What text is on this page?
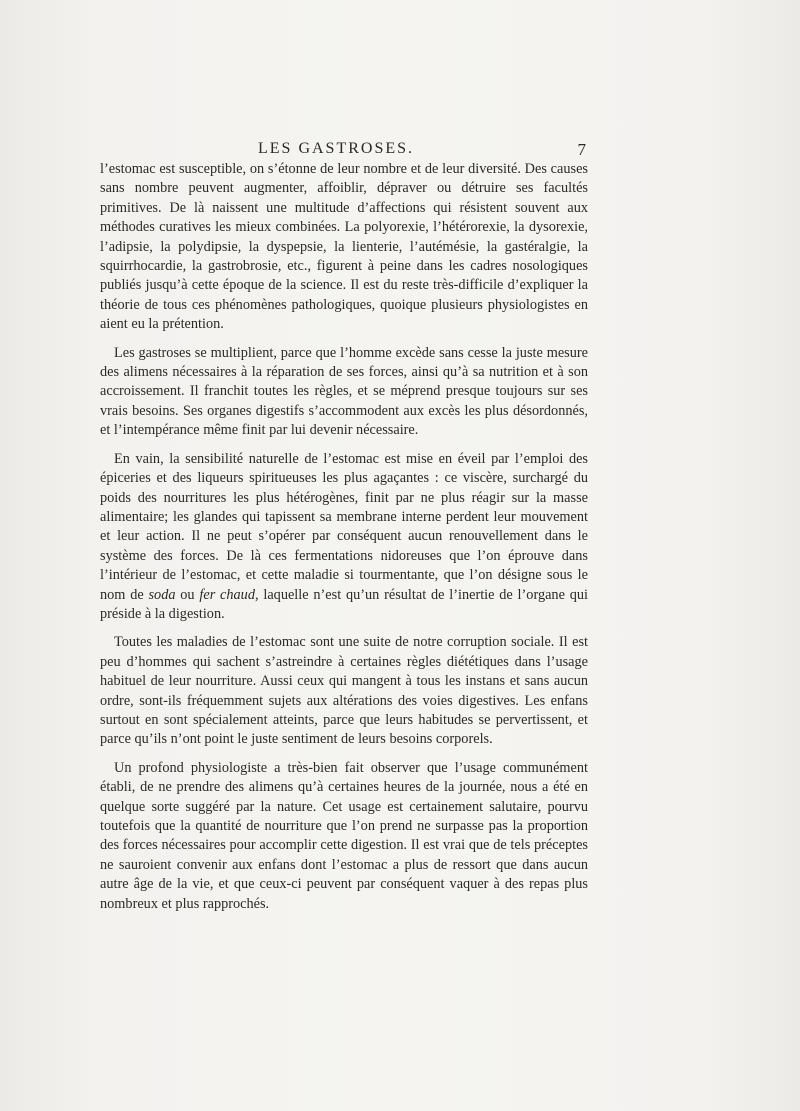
LES GASTROSES.	7

l’estomac est susceptible, on s’étonne de leur nombre et de leur diversité. Des causes sans nombre peuvent augmenter, affoiblir, dépraver ou détruire ses facultés primitives. De là naissent une multitude d’affections qui résistent souvent aux méthodes curatives les mieux combinées. La polyorexie, l’hétérorexie, la dysorexie, l’adipsie, la polydipsie, la dyspepsie, la lienterie, l’autémésie, la gastéralgie, la squirrhocardie, la gastrobrosie, etc., figurent à peine dans les cadres nosologiques publiés jusqu’à cette époque de la science. Il est du reste très-difficile d’expliquer la théorie de tous ces phénomènes pathologiques, quoique plusieurs physiologistes en aient eu la prétention.

Les gastroses se multiplient, parce que l’homme excède sans cesse la juste mesure des alimens nécessaires à la réparation de ses forces, ainsi qu’à sa nutrition et à son accroissement. Il franchit toutes les règles, et se méprend presque toujours sur ses vrais besoins. Ses organes digestifs s’accommodent aux excès les plus désordonnés, et l’intempérance même finit par lui devenir nécessaire.

En vain, la sensibilité naturelle de l’estomac est mise en éveil par l’emploi des épiceries et des liqueurs spiritueuses les plus agaçantes : ce viscère, surchargé du poids des nourritures les plus hétérogènes, finit par ne plus réagir sur la masse alimentaire; les glandes qui tapissent sa membrane interne perdent leur mouvement et leur action. Il ne peut s’opérer par conséquent aucun renouvellement dans le système des forces. De là ces fermentations nidoreuses que l’on éprouve dans l’intérieur de l’estomac, et cette maladie si tourmentante, que l’on désigne sous le nom de soda ou fer chaud, laquelle n’est qu’un résultat de l’inertie de l’organe qui préside à la digestion.

Toutes les maladies de l’estomac sont une suite de notre corruption sociale. Il est peu d’hommes qui sachent s’astreindre à certaines règles diététiques dans l’usage habituel de leur nourriture. Aussi ceux qui mangent à tous les instans et sans aucun ordre, sont-ils fréquemment sujets aux altérations des voies digestives. Les enfans surtout en sont spécialement atteints, parce que leurs habitudes se pervertissent, et parce qu’ils n’ont point le juste sentiment de leurs besoins corporels.

Un profond physiologiste a très-bien fait observer que l’usage communément établi, de ne prendre des alimens qu’à certaines heures de la journée, nous a été en quelque sorte suggéré par la nature. Cet usage est certainement salutaire, pourvu toutefois que la quantité de nourriture que l’on prend ne surpasse pas la proportion des forces nécessaires pour accomplir cette digestion. Il est vrai que de tels préceptes ne sauroient convenir aux enfans dont l’estomac a plus de ressort que dans aucun autre âge de la vie, et que ceux-ci peuvent par conséquent vaquer à des repas plus nombreux et plus rapprochés.
